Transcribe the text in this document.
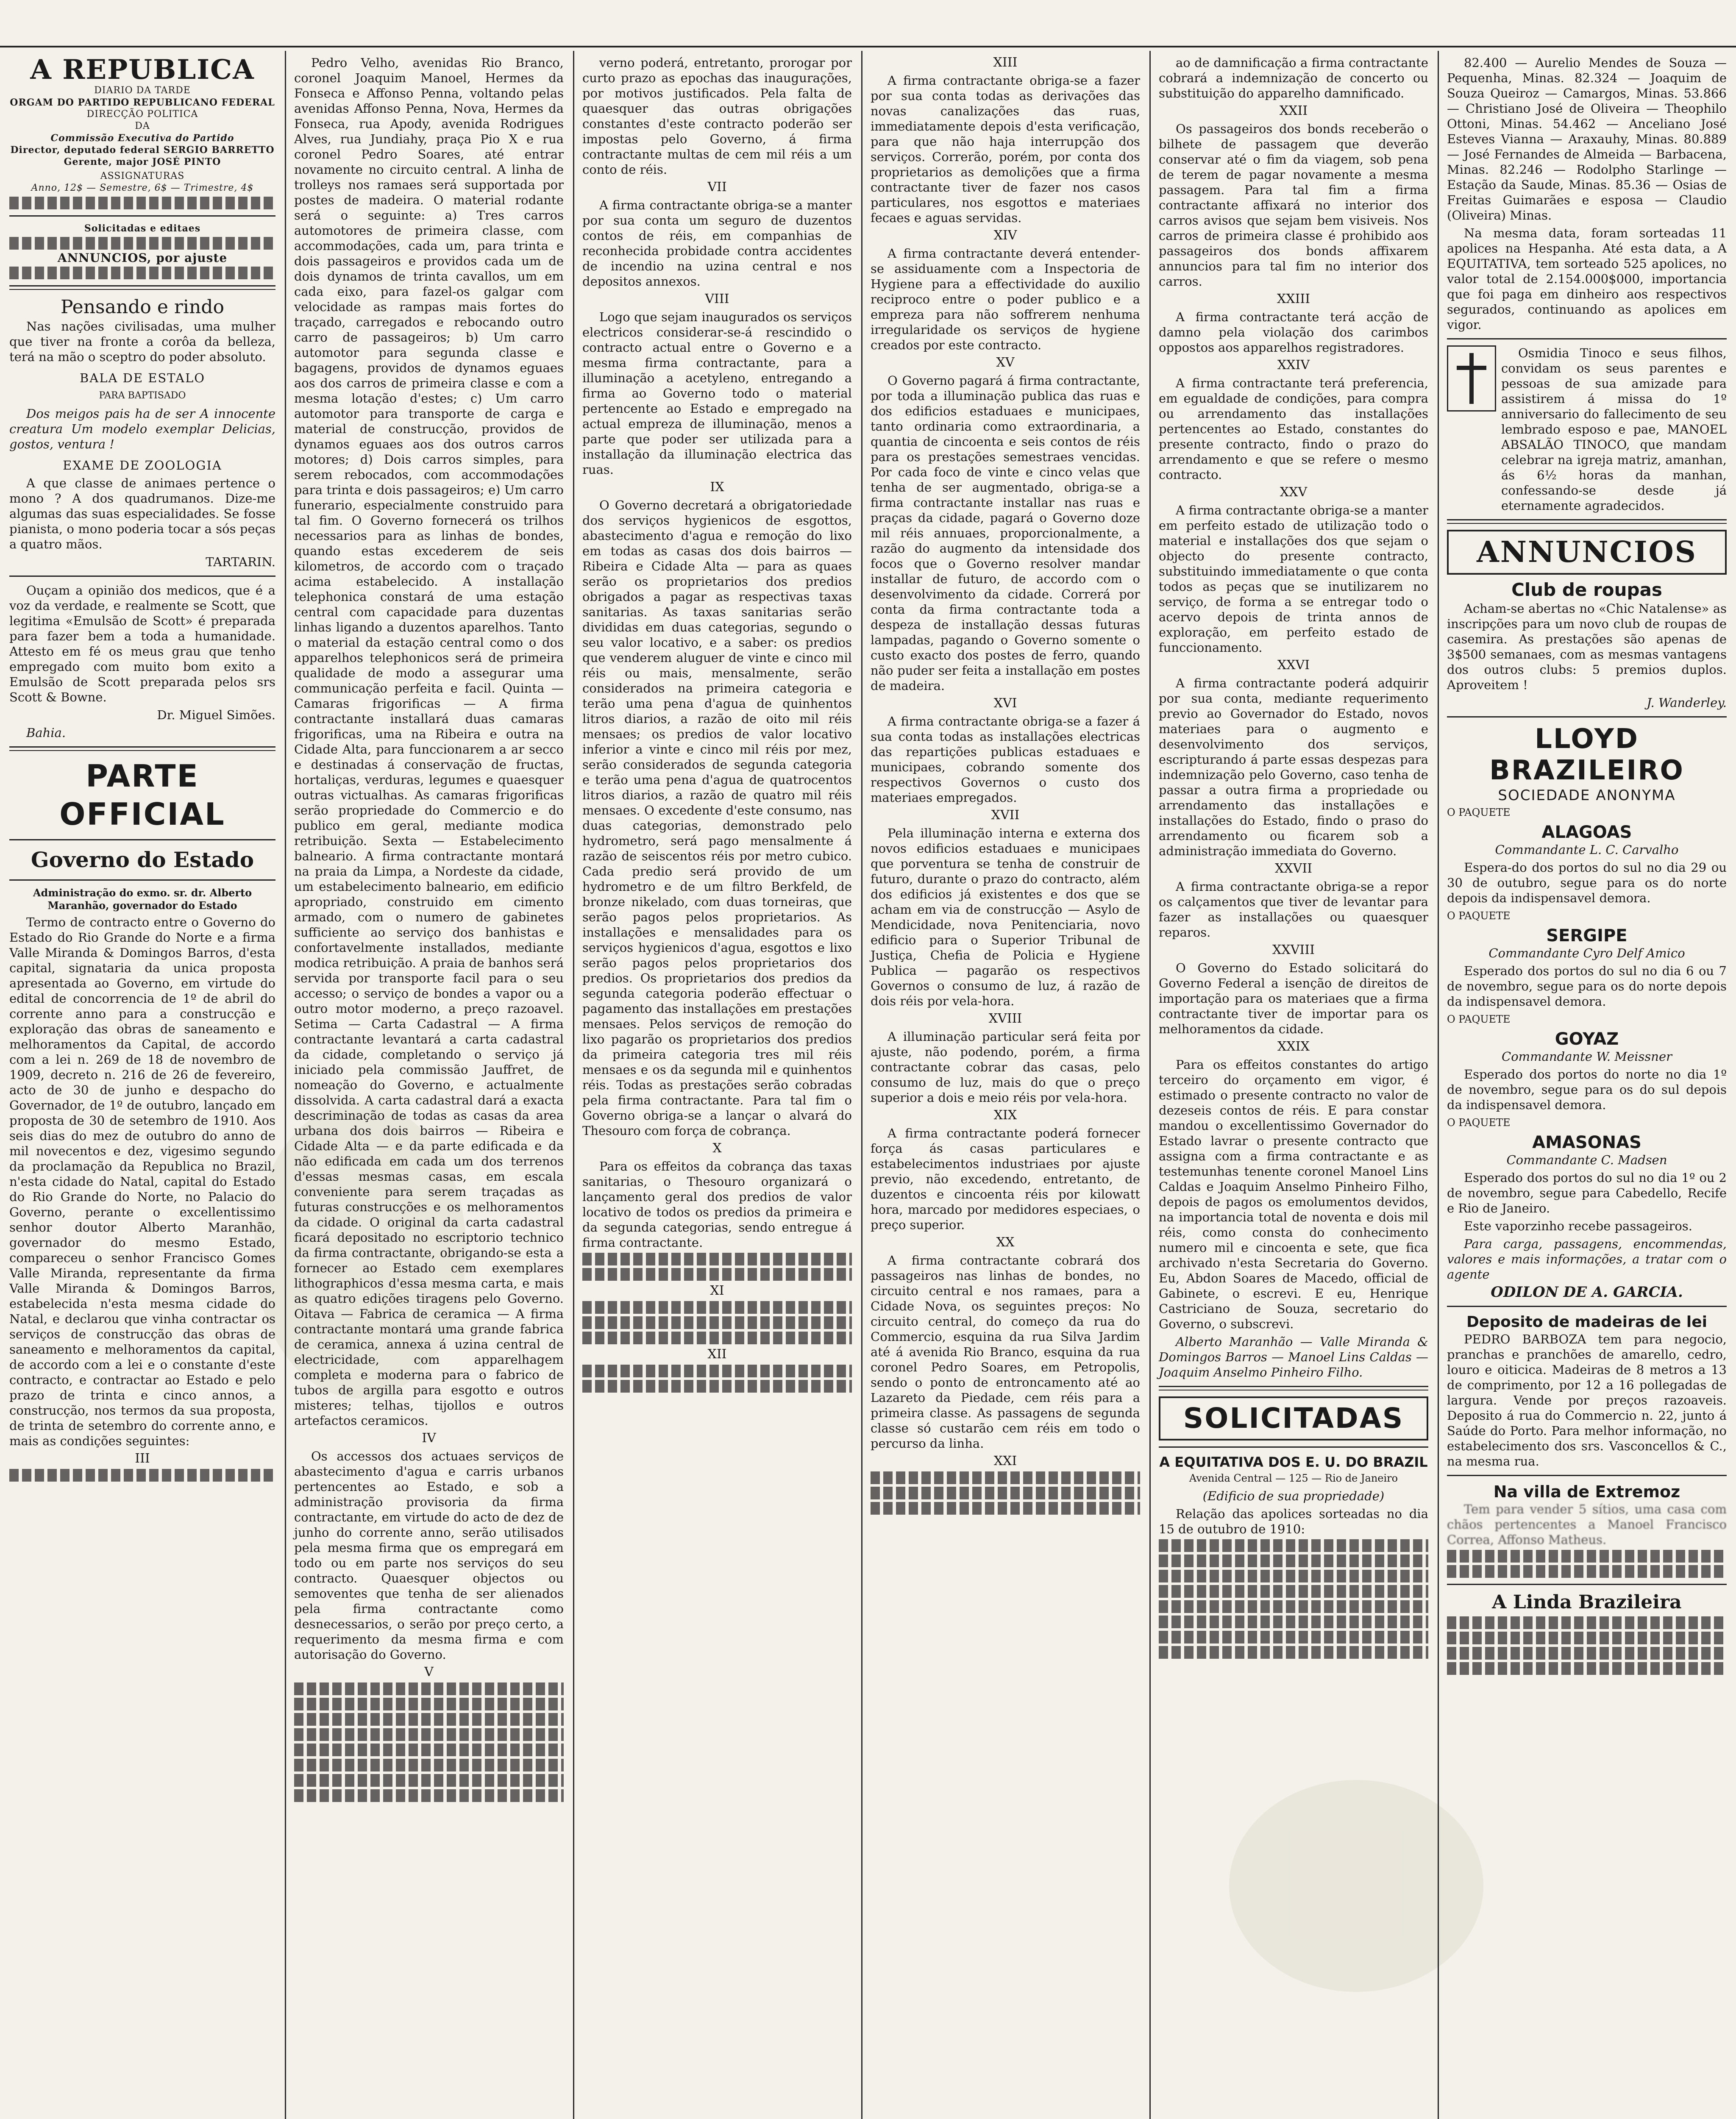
A REPUBLICA
DIARIO DA TARDE
ORGAM DO PARTIDO REPUBLICANO FEDERAL
DIRECÇÃO POLITICA
DA
Commissão Executiva do Partido
Director, deputado federal SERGIO BARRETTO
Gerente, major JOSÉ PINTO
ASSIGNATURAS
Anno, 12$ — Semestre, 6$ — Trimestre, 4$
Solicitadas e editaes
ANNUNCIOS, por ajuste
Pensando e rindo

Nas nações civilisadas, uma mulher que tiver na fronte a corôa da belleza, terá na mão o sceptro do poder absoluto.

BALA DE ESTALO

PARA BAPTISADO

Dos meigos pais ha de ser A innocente creatura Um modelo exemplar Delicias, gostos, ventura !

EXAME DE ZOOLOGIA

A que classe de animaes pertence o mono ? A dos quadrumanos. Dize-me algumas das suas especialidades. Se fosse pianista, o mono poderia tocar a sós peças a quatro mãos.

TARTARIN.

Ouçam a opinião dos medicos, que é a voz da verdade, e realmente se Scott, que legitima «Emulsão de Scott» é preparada para fazer bem a toda a humanidade. Attesto em fé os meus grau que tenho empregado com muito bom exito a Emulsão de Scott preparada pelos srs Scott & Bowne.

Dr. Miguel Simões.

Bahia.

PARTE OFFICIAL
Governo do Estado

Administração do exmo. sr. dr. Alberto Maranhão, governador do Estado

Termo de contracto entre o Governo do Estado do Rio Grande do Norte e a firma Valle Miranda & Domingos Barros, d'esta capital, signataria da unica proposta apresentada ao Governo, em virtude do edital de concorrencia de 1º de abril do corrente anno para a construcção e exploração das obras de saneamento e melhoramentos da Capital, de accordo com a lei n. 269 de 18 de novembro de 1909, decreto n. 216 de 26 de fevereiro, acto de 30 de junho e despacho do Governador, de 1º de outubro, lançado em proposta de 30 de setembro de 1910. Aos seis dias do mez de outubro do anno de mil novecentos e dez, vigesimo segundo da proclamação da Republica no Brazil, n'esta cidade do Natal, capital do Estado do Rio Grande do Norte, no Palacio do Governo, perante o excellentissimo senhor doutor Alberto Maranhão, governador do mesmo Estado, compareceu o senhor Francisco Gomes Valle Miranda, representante da firma Valle Miranda & Domingos Barros, estabelecida n'esta mesma cidade do Natal, e declarou que vinha contractar os serviços de construcção das obras de saneamento e melhoramentos da capital, de accordo com a lei e o constante d'este contracto, e contractar ao Estado e pelo prazo de trinta e cinco annos, a construcção, nos termos da sua proposta, de trinta de setembro do corrente anno, e mais as condições seguintes:

III

Pedro Velho, avenidas Rio Branco, coronel Joaquim Manoel, Hermes da Fonseca e Affonso Penna, voltando pelas avenidas Affonso Penna, Nova, Hermes da Fonseca, rua Apody, avenida Rodrigues Alves, rua Jundiahy, praça Pio X e rua coronel Pedro Soares, até entrar novamente no circuito central. A linha de trolleys nos ramaes será supportada por postes de madeira. O material rodante será o seguinte: a) Tres carros automotores de primeira classe, com accommodações, cada um, para trinta e dois passageiros e providos cada um de dois dynamos de trinta cavallos, um em cada eixo, para fazel-os galgar com velocidade as rampas mais fortes do traçado, carregados e rebocando outro carro de passageiros; b) Um carro automotor para segunda classe e bagagens, providos de dynamos eguaes aos dos carros de primeira classe e com a mesma lotação d'estes; c) Um carro automotor para transporte de carga e material de construcção, providos de dynamos eguaes aos dos outros carros motores; d) Dois carros simples, para serem rebocados, com accommodações para trinta e dois passageiros; e) Um carro funerario, especialmente construido para tal fim. O Governo fornecerá os trilhos necessarios para as linhas de bondes, quando estas excederem de seis kilometros, de accordo com o traçado acima estabelecido. A installação telephonica constará de uma estação central com capacidade para duzentas linhas ligando a duzentos aparelhos. Tanto o material da estação central como o dos apparelhos telephonicos será de primeira qualidade de modo a assegurar uma communicação perfeita e facil. Quinta — Camaras frigorificas — A firma contractante installará duas camaras frigorificas, uma na Ribeira e outra na Cidade Alta, para funccionarem a ar secco e destinadas á conservação de fructas, hortaliças, verduras, legumes e quaesquer outras victualhas. As camaras frigorificas serão propriedade do Commercio e do publico em geral, mediante modica retribuição. Sexta — Estabelecimento balneario. A firma contractante montará na praia da Limpa, a Nordeste da cidade, um estabelecimento balneario, em edificio apropriado, construido em cimento armado, com o numero de gabinetes sufficiente ao serviço dos banhistas e confortavelmente installados, mediante modica retribuição. A praia de banhos será servida por transporte facil para o seu accesso; o serviço de bondes a vapor ou a outro motor moderno, a preço razoavel. Setima — Carta Cadastral — A firma contractante levantará a carta cadastral da cidade, completando o serviço já iniciado pela commissão Jauffret, de nomeação do Governo, e actualmente dissolvida. A carta cadastral dará a exacta descriminação de todas as casas da area urbana dos dois bairros — Ribeira e Cidade Alta — e da parte edificada e da não edificada em cada um dos terrenos d'essas mesmas casas, em escala conveniente para serem traçadas as futuras construcções e os melhoramentos da cidade. O original da carta cadastral ficará depositado no escriptorio technico da firma contractante, obrigando-se esta a fornecer ao Estado cem exemplares lithographicos d'essa mesma carta, e mais as quatro edições tiragens pelo Governo. Oitava — Fabrica de ceramica — A firma contractante montará uma grande fabrica de ceramica, annexa á uzina central de electricidade, com apparelhagem completa e moderna para o fabrico de tubos de argilla para esgotto e outros misteres; telhas, tijollos e outros artefactos ceramicos.

IV

Os accessos dos actuaes serviços de abastecimento d'agua e carris urbanos pertencentes ao Estado, e sob a administração provisoria da firma contractante, em virtude do acto de dez de junho do corrente anno, serão utilisados pela mesma firma que os empregará em todo ou em parte nos serviços do seu contracto. Quaesquer objectos ou semoventes que tenha de ser alienados pela firma contractante como desnecessarios, o serão por preço certo, a requerimento da mesma firma e com autorisação do Governo.

V

verno poderá, entretanto, prorogar por curto prazo as epochas das inaugurações, por motivos justificados. Pela falta de quaesquer das outras obrigações constantes d'este contracto poderão ser impostas pelo Governo, á firma contractante multas de cem mil réis a um conto de réis.

VII

A firma contractante obriga-se a manter por sua conta um seguro de duzentos contos de réis, em companhias de reconhecida probidade contra accidentes de incendio na uzina central e nos depositos annexos.

VIII

Logo que sejam inaugurados os serviços electricos considerar-se-á rescindido o contracto actual entre o Governo e a mesma firma contractante, para a illuminação a acetyleno, entregando a firma ao Governo todo o material pertencente ao Estado e empregado na actual empreza de illuminação, menos a parte que poder ser utilizada para a installação da illuminação electrica das ruas.

IX

O Governo decretará a obrigatoriedade dos serviços hygienicos de esgottos, abastecimento d'agua e remoção do lixo em todas as casas dos dois bairros — Ribeira e Cidade Alta — para as quaes serão os proprietarios dos predios obrigados a pagar as respectivas taxas sanitarias. As taxas sanitarias serão divididas em duas categorias, segundo o seu valor locativo, e a saber: os predios que venderem aluguer de vinte e cinco mil réis ou mais, mensalmente, serão considerados na primeira categoria e terão uma pena d'agua de quinhentos litros diarios, a razão de oito mil réis mensaes; os predios de valor locativo inferior a vinte e cinco mil réis por mez, serão considerados de segunda categoria e terão uma pena d'agua de quatrocentos litros diarios, a razão de quatro mil réis mensaes. O excedente d'este consumo, nas duas categorias, demonstrado pelo hydrometro, será pago mensalmente á razão de seiscentos réis por metro cubico. Cada predio será provido de um hydrometro e de um filtro Berkfeld, de bronze nikelado, com duas torneiras, que serão pagos pelos proprietarios. As installações e mensalidades para os serviços hygienicos d'agua, esgottos e lixo serão pagos pelos proprietarios dos predios. Os proprietarios dos predios da segunda categoria poderão effectuar o pagamento das installações em prestações mensaes. Pelos serviços de remoção do lixo pagarão os proprietarios dos predios da primeira categoria tres mil réis mensaes e os da segunda mil e quinhentos réis. Todas as prestações serão cobradas pela firma contractante. Para tal fim o Governo obriga-se a lançar o alvará do Thesouro com força de cobrança.

X

Para os effeitos da cobrança das taxas sanitarias, o Thesouro organizará o lançamento geral dos predios de valor locativo de todos os predios da primeira e da segunda categorias, sendo entregue á firma contractante.

XI

XII

XIII

A firma contractante obriga-se a fazer por sua conta todas as derivações das novas canalizações das ruas, immediatamente depois d'esta verificação, para que não haja interrupção dos serviços. Correrão, porém, por conta dos proprietarios as demolições que a firma contractante tiver de fazer nos casos particulares, nos esgottos e materiaes fecaes e aguas servidas.

XIV

A firma contractante deverá entender-se assiduamente com a Inspectoria de Hygiene para a effectividade do auxilio reciproco entre o poder publico e a empreza para não soffrerem nenhuma irregularidade os serviços de hygiene creados por este contracto.

XV

O Governo pagará á firma contractante, por toda a illuminação publica das ruas e dos edificios estaduaes e municipaes, tanto ordinaria como extraordinaria, a quantia de cincoenta e seis contos de réis para os prestações semestraes vencidas. Por cada foco de vinte e cinco velas que tenha de ser augmentado, obriga-se a firma contractante installar nas ruas e praças da cidade, pagará o Governo doze mil réis annuaes, proporcionalmente, a razão do augmento da intensidade dos focos que o Governo resolver mandar installar de futuro, de accordo com o desenvolvimento da cidade. Correrá por conta da firma contractante toda a despeza de installação dessas futuras lampadas, pagando o Governo somente o custo exacto dos postes de ferro, quando não puder ser feita a installação em postes de madeira.

XVI

A firma contractante obriga-se a fazer á sua conta todas as installações electricas das repartições publicas estaduaes e municipaes, cobrando somente dos respectivos Governos o custo dos materiaes empregados.

XVII

Pela illuminação interna e externa dos novos edificios estaduaes e municipaes que porventura se tenha de construir de futuro, durante o prazo do contracto, além dos edificios já existentes e dos que se acham em via de construcção — Asylo de Mendicidade, nova Penitenciaria, novo edificio para o Superior Tribunal de Justiça, Chefia de Policia e Hygiene Publica — pagarão os respectivos Governos o consumo de luz, á razão de dois réis por vela-hora.

XVIII

A illuminação particular será feita por ajuste, não podendo, porém, a firma contractante cobrar das casas, pelo consumo de luz, mais do que o preço superior a dois e meio réis por vela-hora.

XIX

A firma contractante poderá fornecer força ás casas particulares e estabelecimentos industriaes por ajuste previo, não excedendo, entretanto, de duzentos e cincoenta réis por kilowatt hora, marcado por medidores especiaes, o preço superior.

XX

A firma contractante cobrará dos passageiros nas linhas de bondes, no circuito central e nos ramaes, para a Cidade Nova, os seguintes preços: No circuito central, do começo da rua do Commercio, esquina da rua Silva Jardim até á avenida Rio Branco, esquina da rua coronel Pedro Soares, em Petropolis, sendo o ponto de entroncamento até ao Lazareto da Piedade, cem réis para a primeira classe. As passagens de segunda classe só custarão cem réis em todo o percurso da linha.

XXI

ao de damnificação a firma contractante cobrará a indemnização de concerto ou substituição do apparelho damnificado.

XXII

Os passageiros dos bonds receberão o bilhete de passagem que deverão conservar até o fim da viagem, sob pena de terem de pagar novamente a mesma passagem. Para tal fim a firma contractante affixará no interior dos carros avisos que sejam bem visiveis. Nos carros de primeira classe é prohibido aos passageiros dos bonds affixarem annuncios para tal fim no interior dos carros.

XXIII

A firma contractante terá acção de damno pela violação dos carimbos oppostos aos apparelhos registradores.

XXIV

A firma contractante terá preferencia, em egualdade de condições, para compra ou arrendamento das installações pertencentes ao Estado, constantes do presente contracto, findo o prazo do arrendamento e que se refere o mesmo contracto.

XXV

A firma contractante obriga-se a manter em perfeito estado de utilização todo o material e installações dos que sejam o objecto do presente contracto, substituindo immediatamente o que conta todos as peças que se inutilizarem no serviço, de forma a se entregar todo o acervo depois de trinta annos de exploração, em perfeito estado de funccionamento.

XXVI

A firma contractante poderá adquirir por sua conta, mediante requerimento previo ao Governador do Estado, novos materiaes para o augmento e desenvolvimento dos serviços, escripturando á parte essas despezas para indemnização pelo Governo, caso tenha de passar a outra firma a propriedade ou arrendamento das installações e installações do Estado, findo o praso do arrendamento ou ficarem sob a administração immediata do Governo.

XXVII

A firma contractante obriga-se a repor os calçamentos que tiver de levantar para fazer as installações ou quaesquer reparos.

XXVIII

O Governo do Estado solicitará do Governo Federal a isenção de direitos de importação para os materiaes que a firma contractante tiver de importar para os melhoramentos da cidade.

XXIX

Para os effeitos constantes do artigo terceiro do orçamento em vigor, é estimado o presente contracto no valor de dezeseis contos de réis. E para constar mandou o excellentissimo Governador do Estado lavrar o presente contracto que assigna com a firma contractante e as testemunhas tenente coronel Manoel Lins Caldas e Joaquim Anselmo Pinheiro Filho, depois de pagos os emolumentos devidos, na importancia total de noventa e dois mil réis, como consta do conhecimento numero mil e cincoenta e sete, que fica archivado n'esta Secretaria do Governo. Eu, Abdon Soares de Macedo, official de Gabinete, o escrevi. E eu, Henrique Castriciano de Souza, secretario do Governo, o subscrevi.

Alberto Maranhão — Valle Miranda & Domingos Barros — Manoel Lins Caldas — Joaquim Anselmo Pinheiro Filho.

SOLICITADAS
A EQUITATIVA DOS E. U. DO BRAZIL

Avenida Central — 125 — Rio de Janeiro

(Edificio de sua propriedade)

Relação das apolices sorteadas no dia 15 de outubro de 1910:

82.400 — Aurelio Mendes de Souza — Pequenha, Minas. 82.324 — Joaquim de Souza Queiroz — Camargos, Minas. 53.866 — Christiano José de Oliveira — Theophilo Ottoni, Minas. 54.462 — Anceliano José Esteves Vianna — Araxauhy, Minas. 80.889 — José Fernandes de Almeida — Barbacena, Minas. 82.246 — Rodolpho Starlinge — Estação da Saude, Minas. 85.36 — Osias de Freitas Guimarães e esposa — Claudio (Oliveira) Minas.

Na mesma data, foram sorteadas 11 apolices na Hespanha. Até esta data, a A EQUITATIVA, tem sorteado 525 apolices, no valor total de 2.154.000$000, importancia que foi paga em dinheiro aos respectivos segurados, continuando as apolices em vigor.

Osmidia Tinoco e seus filhos, convidam os seus parentes e pessoas de sua amizade para assistirem á missa do 1º anniversario do fallecimento de seu lembrado esposo e pae, MANOEL ABSALÃO TINOCO, que mandam celebrar na igreja matriz, amanhan, ás 6½ horas da manhan, confessando-se desde já eternamente agradecidos.

ANNUNCIOS
Club de roupas

Acham-se abertas no «Chic Natalense» as inscripções para um novo club de roupas de casemira. As prestações são apenas de 3$500 semanaes, com as mesmas vantagens dos outros clubs: 5 premios duplos. Aproveitem !

J. Wanderley.

LLOYD BRAZILEIRO
SOCIEDADE ANONYMA

O PAQUETE

ALAGOAS

Commandante L. C. Carvalho

Espera-do dos portos do sul no dia 29 ou 30 de outubro, segue para os do norte depois da indispensavel demora.

O PAQUETE

SERGIPE

Commandante Cyro Delf Amico

Esperado dos portos do sul no dia 6 ou 7 de novembro, segue para os do norte depois da indispensavel demora.

O PAQUETE

GOYAZ

Commandante W. Meissner

Esperado dos portos do norte no dia 1º de novembro, segue para os do sul depois da indispensavel demora.

O PAQUETE

AMASONAS

Commandante C. Madsen

Esperado dos portos do sul no dia 1º ou 2 de novembro, segue para Cabedello, Recife e Rio de Janeiro.

Este vaporzinho recebe passageiros.

Para carga, passagens, encommendas, valores e mais informações, a tratar com o agente

ODILON DE A. GARCIA.

Deposito de madeiras de lei

PEDRO BARBOZA tem para negocio, pranchas e pranchões de amarello, cedro, louro e oiticica. Madeiras de 8 metros a 13 de comprimento, por 12 a 16 pollegadas de largura. Vende por preços razoaveis. Deposito á rua do Commercio n. 22, junto á Saúde do Porto. Para melhor informação, no estabelecimento dos srs. Vasconcellos & C., na mesma rua.

Na villa de Extremoz

Tem para vender 5 sítios, uma casa com chãos pertencentes a Manoel Francisco Correa, Affonso Matheus.

A Linda Brazileira
